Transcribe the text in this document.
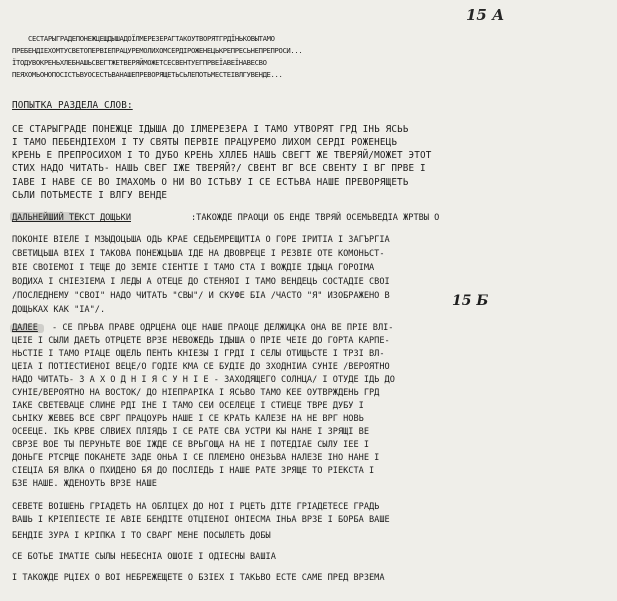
15 А
15 Б
СЕСТАРЫГРАДЕПОНЕЖЦЕЩДЫШАДОЇЛМЕРЕЗЕРАГТАКОУТВОРЯТГРДЇНЬКОВЫТАМО
ПРЕБЕНДІЕХОМТУСВЕТОПЕРВІЕПРАЦУРЕМОЛИХОМСЕРДІРОЖЕНЕЦЬКРЕПРЕСЬНЕПРЕПРОСИ...
ЇТОДУВОКРЕНЬХЛЕБНАШЬСВЕГТЖЕТВЕРЯЙМОЖЕТСЕСВЕНТУЕГПРВЕЇАВЕЇНАВЕСВО
ПЕЯХОМЬОНОПОСІСТЬВУОСЕСТЬВАНАШЕПРЕВОРЯЩЕТЬСЬЛЕПОТЬМЕСТЕІВЛГУВЕНДЕ...
ПОПЫТКА РАЗДЕЛА СЛОВ:
СЕ СТАРЫГРАДЕ ПОНЕЖЦЕ ІДЫША ДО ІЛМЕРЕЗЕРА І ТАМО УТВОРЯТ ГРД ІНЬ ЯСЬЬ
І ТАМО ПЕБЕНДІЕХОМ І ТУ СВЯТЫ ПЕРВІЕ ПРАЦУРЕМО ЛИХОМ СЕРДІ РОЖЕНЕЦЬ
КРЕНЬ Е ПРЕПРОСИХОМ І ТО ДУБО КРЕНЬ ХЛЛЕБ НАШЬ СВЕГТ ЖЕ ТВЕРЯЙ/МОЖЕТ ЭТОТ
СТИХ НАДО ЧИТАТЬ- НАШЬ СВЕГ ІЖЕ ТВЕРЯЙ?/ СВЕНТ ВГ ВСЕ СВЕНТУ І ВГ ПРВЕ І
ІАВЕ І НАВЕ СЕ ВО ІМАХОМЬ О НИ ВО ІСТЬВУ І СЕ ЕСТЬВА НАШЕ ПРЕВОРЯЩЕТЬ
СЬЛИ ПОТЬМЕСТЕ І ВЛГУ ВЕНДЕ
ДАЛЬНЕЙШИЙ ТЕКСТ ДОЩЬКИ	:ТАКОЖДЕ ПРАОЦИ ОБ ЕНДЕ ТВРЯЙ ОСЕМЬВЕДІА ЖРТВЫ О
ПОКОНІЕ ВІЕЛЕ І МЗЫДОЦЬША ОДЬ КРАЕ СЕДЬЕМРЕЩИТІА О ГОРЕ ІРИТІА І ЗАГЪРГІА
СВЕТИЦЬША ВІЕХ І ТАКОВА ПОНЕЖЦЬША ІДЕ НА ДВОВРЕЦЕ І РЕЗВІЕ ОТЕ КОМОНЬСТ-
ВІЕ СВОІЕМОІ І ТЕЩЕ ДО ЗЕМІЕ СІЕНТІЕ І ТАМО СТА І ВОЖДІЕ ІДЫЦА ГОРОІМА
ВОДИХА І СНІЕЗІЕМА І ЛЕДЫ А ОТЕЦЕ ДО СТЕНЯОІ І ТАМО ВЕНДЕЦЬ СОСТАДІЕ СВОІ
/ПОСЛЕДНЕМУ "СВОІ" НАДО ЧИТАТЬ "СВЫ"/ И СКУФЕ БІА /ЧАСТО "Я" ИЗОБРАЖЕНО В
ДОЩЬКАХ КАК "ІА"/.
ДАЛЕЕ - СЕ ПРЬВА ПРАВЕ ОДРЦЕНА ОЦЕ НАШЕ ПРАОЦЕ ДЕЛЖИЦКА ОНА ВЕ ПРІЕ ВЛІ-
ЦЕІЕ І СЫЛИ ДАЕТЬ ОТРЦЕТЕ ВРЗЕ НЕВОЖЕДЬ ІДЫША О ПРІЕ ЧЕІЕ ДО ГОРТА КАРПЕ-
НЬСТІЕ І ТАМО РІАЦЕ ОЩЕЛЬ ПЕНТЬ КНІЕЗЫ І ГРДІ І СЕЛЫ ОТИЩЬСТЕ І ТРЗІ ВЛ-
ЦЕІА І ПОТІЕСТИЕНОІ ВЕЦЕ/О ГОДІЕ КМА СЕ БУДІЕ ДО ЗХОДНІИА СУНІЕ /ВЕРОЯТНО
НАДО ЧИТАТЬ- З А Х О Д Н І Я С У Н І Е - ЗАХОДЯЩЕГО СОЛНЦА/ І ОТУДЕ ІДЬ ДО
СУНІЕ/ВЕРОЯТНО НА ВОСТОК/ ДО НІЕПРАРІКА І ЯСЬВО ТАМО КЕЕ ОУТВРЖДЕНЬ ГРД
ІАКЕ СВЕТЕВАЦЕ СЛИНЕ РДІ ІНЕ І ТАМО СЕИ ОСЕЛЕЦЕ І СТИЕЦЕ ТВРЕ ДУБУ І
СЬНІКУ ЖЕВЕБ ВСЕ СВРГ ПРАЦОУРЬ НАШЕ І СЕ КРАТЬ КАЛЕЗЕ НА НЕ ВРГ НОВЬ
ОСЕЕЦЕ. ІКЬ КРВЕ СЛВИЕХ ПЛІЯДЬ І СЕ РАТЕ СВА УСТРИ КЫ НАНЕ І ЗРЯЩІ ВЕ
СВРЗЕ ВОЕ ТЫ ПЕРУНЬТЕ ВОЕ ІЖДЕ СЕ ВРЬГОЩА НА НЕ І ПОТЕДІАЕ СЫЛУ ІЕЕ І
ДОНЬГЕ РТСРЩЕ ПОКАНЕТЕ ЗАДЕ ОНЬА І СЕ ПЛЕМЕНО ОНЕЗЬВА НАЛЕЗЕ ІНО НАНЕ І
СІЕЦІА БЯ ВЛКА О ПХИДЕНО БЯ ДО ПОСЛІЕДЬ І НАШЕ РАТЕ ЗРЯЩЕ ТО РІЕКСТА І
БЗЕ НАШЕ. ЖДЕНОУТЬ ВРЗЕ НАШЕ
СЕВЕТЕ ВОІШЕНЬ ГРІАДЕТЬ НА ОБЛІЦЕХ ДО НОІ І РЦЕТЬ ДІТЕ ГРІАДЕТЕСЕ ГРАДЬ
ВАШЬ І КРІЕПІЕСТЕ ІЕ АВІЕ БЕНДІТЕ ОТЦІЕНОІ ОНІЕСМА ІНЬА ВРЗЕ І БОРБА ВАШЕ
БЕНДІЕ ЗУРА І КРІПКА І ТО СВАРГ МЕНЕ ПОСЫЛЕТЬ ДОБЫ
СЕ БОТЬЕ ІМАТІЕ СЫЛЫ НЕБЕСНІА ОШОІЕ І ОДІЕСНЫ ВАШІА
І ТАКОЖДЕ РЦІЕХ О ВОІ НЕБРЕЖЕЩЕТЕ О БЗІЕХ І ТАКЬВО ЕСТЕ САМЕ ПРЕД ВРЗЕМА
